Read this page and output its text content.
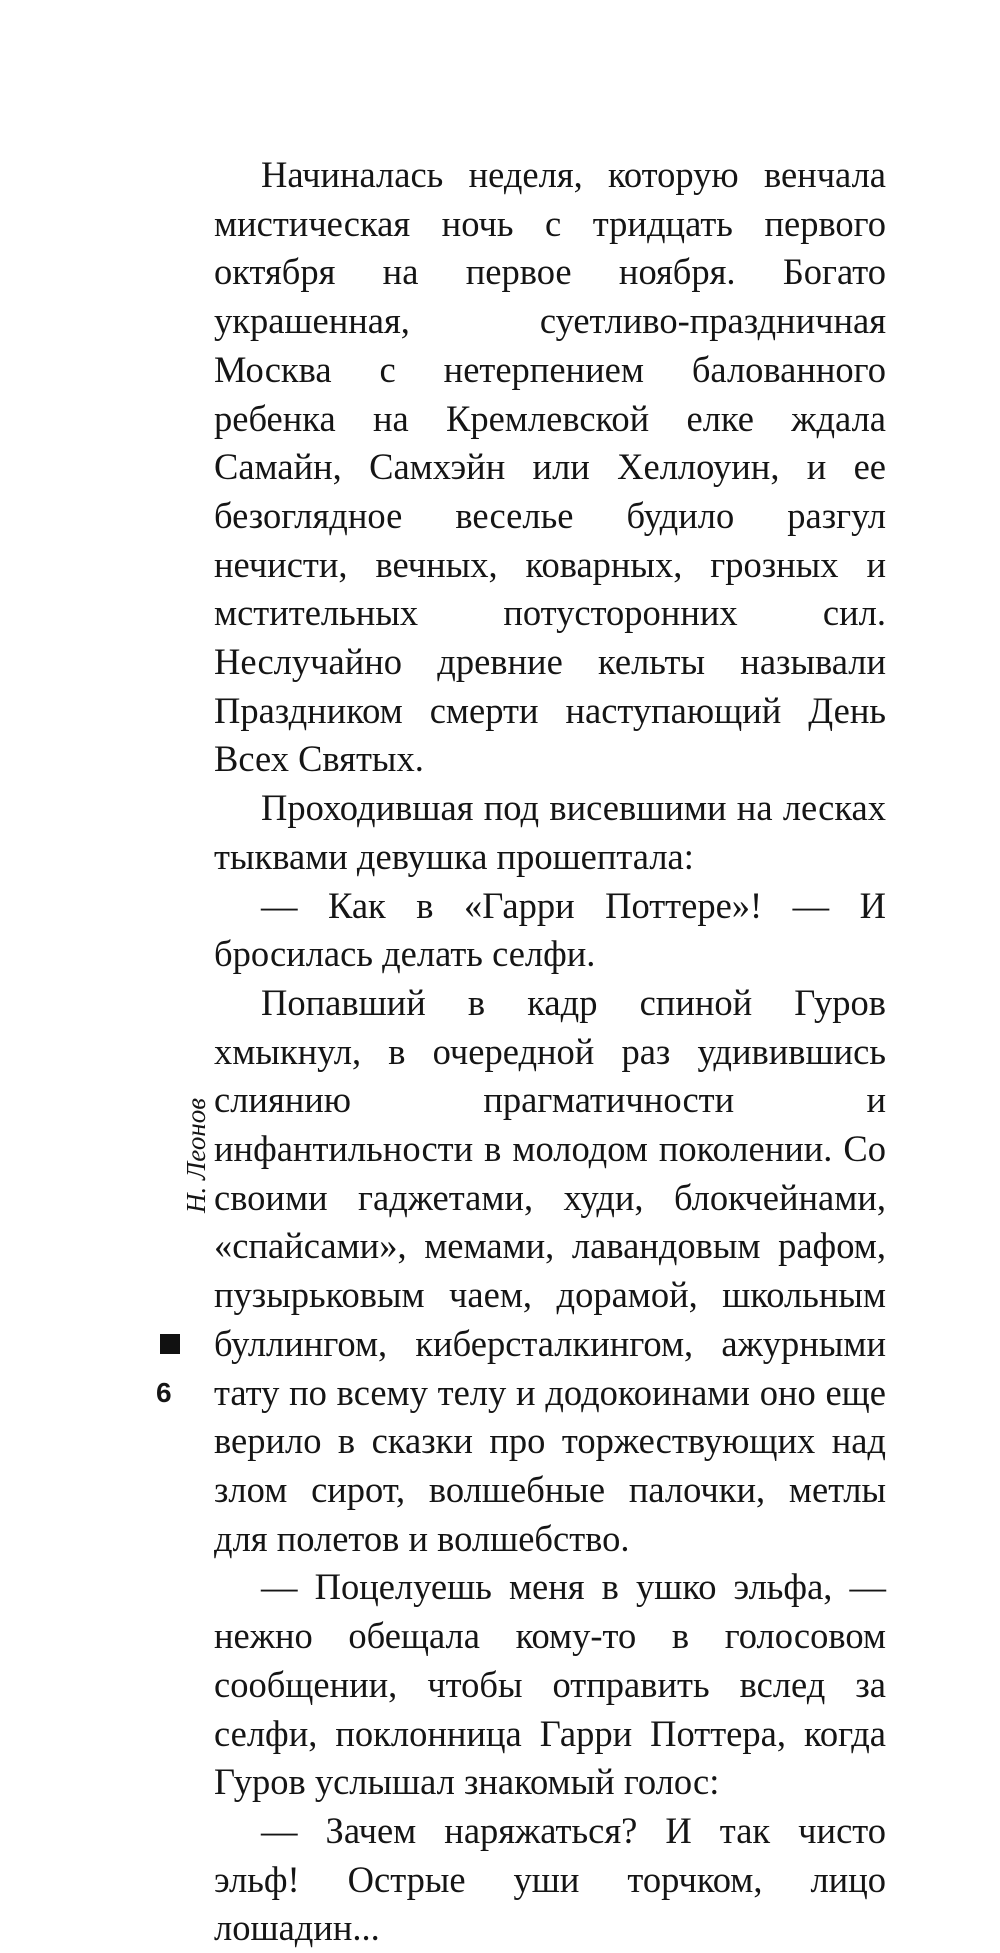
Начиналась неделя, которую венчала мистическая ночь с тридцать первого октября на первое ноября. Богато украшенная, суетливо-праздничная Москва с нетерпением балованного ребенка на Кремлевской елке ждала Самайн, Самхэйн или Хеллоуин, и ее безоглядное веселье будило разгул нечисти, вечных, коварных, грозных и мстительных потусторонних сил. Неслучайно древние кельты называли Праздником смерти наступающий День Всех Святых.

Проходившая под висевшими на лесках тыквами девушка прошептала:

— Как в «Гарри Поттере»! — И бросилась делать селфи.

Попавший в кадр спиной Гуров хмыкнул, в очередной раз удивившись слиянию прагматичности и инфантильности в молодом поколении. Со своими гаджетами, худи, блокчейнами, «спайсами», мемами, лавандовым рафом, пузырьковым чаем, дорамой, школьным буллингом, киберсталкингом, ажурными тату по всему телу и додокоинами оно еще верило в сказки про торжествующих над злом сирот, волшебные палочки, метлы для полетов и волшебство.

— Поцелуешь меня в ушко эльфа, — нежно обещала кому-то в голосовом сообщении, чтобы отправить вслед за селфи, поклонница Гарри Поттера, когда Гуров услышал знакомый голос:

— Зачем наряжаться? И так чисто эльф! Острые уши торчком, лицо лошадин...

Н. Леонов
6
